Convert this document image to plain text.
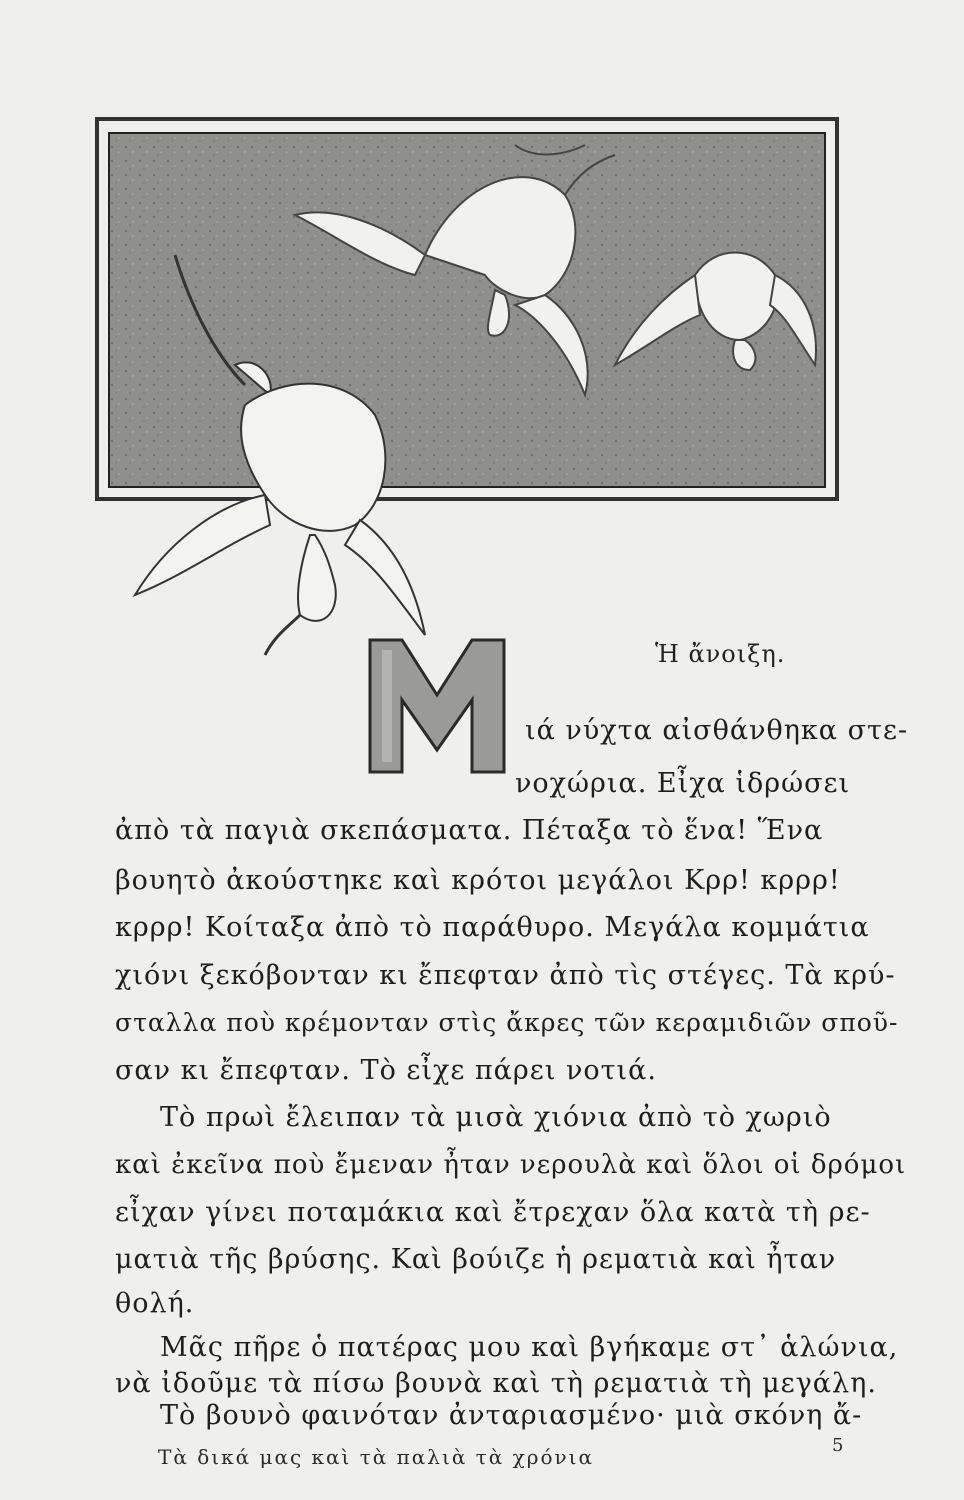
Ἡ ἄνοιξη.
ιά νύχτα αἰσθάνθηκα στε-
νοχώρια. Εἶχα ἱδρώσει
ἀπὸ τὰ παγιὰ σκεπάσματα. Πέταξα τὸ ἕνα! Ἕνα
βουητὸ ἀκούστηκε καὶ κρότοι μεγάλοι Κρρ! κρρρ!
κρρρ! Κοίταξα ἀπὸ τὸ παράθυρο. Μεγάλα κομμάτια
χιόνι ξεκόβονταν κι ἔπεφταν ἀπὸ τὶς στέγες. Τὰ κρύ-
σταλλα ποὺ κρέμονταν στὶς ἄκρες τῶν κεραμιδιῶν σποῦ-
σαν κι ἔπεφταν. Τὸ εἶχε πάρει νοτιά.
Τὸ πρωὶ ἔλειπαν τὰ μισὰ χιόνια ἀπὸ τὸ χωριὸ
καὶ ἐκεῖνα ποὺ ἔμεναν ἦταν νερουλὰ καὶ ὅλοι οἱ δρόμοι
εἶχαν γίνει ποταμάκια καὶ ἔτρεχαν ὅλα κατὰ τὴ ρε-
ματιὰ τῆς βρύσης. Καὶ βούιζε ἡ ρεματιὰ καὶ ἦταν
θολή.
Μᾶς πῆρε ὁ πατέρας μου καὶ βγήκαμε στ᾽ ἁλώνια,
νὰ ἰδοῦμε τὰ πίσω βουνὰ καὶ τὴ ρεματιὰ τὴ μεγάλη.
Τὸ βουνὸ φαινόταν ἀνταριασμένο· μιὰ σκόνη ἄ-
Τὰ δικά μας καὶ τὰ παλιὰ τὰ χρόνια	5
